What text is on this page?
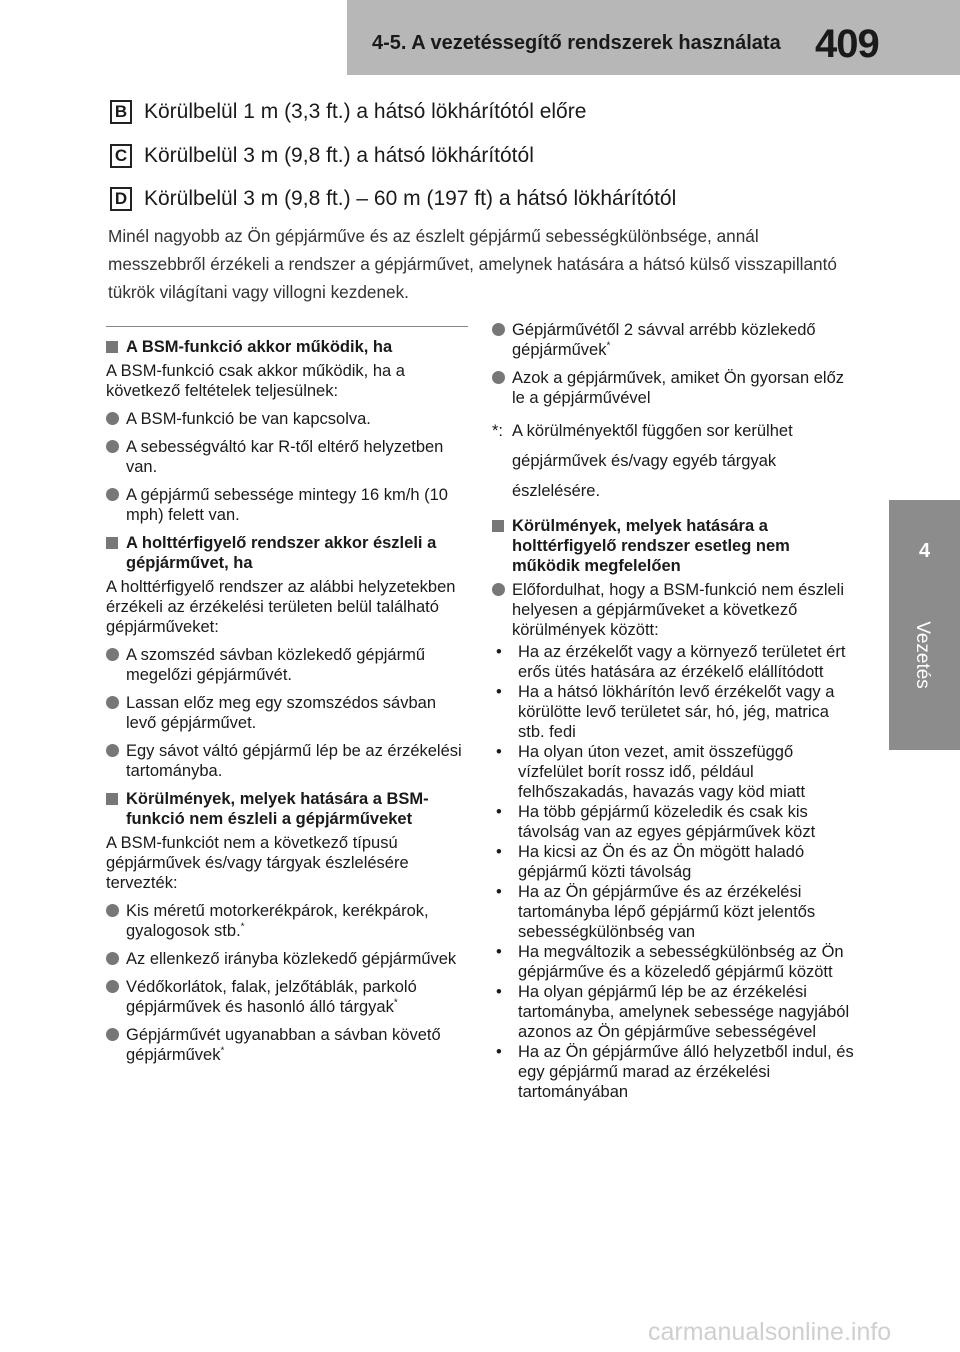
4-5. A vezetéssegítő rendszerek használata 409
4
Vezetés
B Körülbelül 1 m (3,3 ft.) a hátsó lökhárítótól előre
C Körülbelül 3 m (9,8 ft.) a hátsó lökhárítótól
D Körülbelül 3 m (9,8 ft.) – 60 m (197 ft) a hátsó lökhárítótól
Minél nagyobb az Ön gépjárműve és az észlelt gépjármű sebességkülönbsége, annál messzebbről érzékeli a rendszer a gépjárművet, amelynek hatására a hátsó külső visszapillantó tükrök világítani vagy villogni kezdenek.
A BSM-funkció akkor működik, ha

A BSM-funkció csak akkor működik, ha a következő feltételek teljesülnek:

A BSM-funkció be van kapcsolva.
A sebességváltó kar R-től eltérő helyzetben van.
A gépjármű sebessége mintegy 16 km/h (10 mph) felett van.
A holttérfigyelő rendszer akkor észleli a gépjárművet, ha

A holttérfigyelő rendszer az alábbi helyzetekben érzékeli az érzékelési területen belül található gépjárműveket:

A szomszéd sávban közlekedő gépjármű megelőzi gépjárművét.
Lassan előz meg egy szomszédos sávban levő gépjárművet.
Egy sávot váltó gépjármű lép be az érzékelési tartományba.
Körülmények, melyek hatására a BSM-funkció nem észleli a gépjárműveket

A BSM-funkciót nem a következő típusú gépjárművek és/vagy tárgyak észlelésére tervezték:

Kis méretű motorkerékpárok, kerékpárok, gyalogosok stb.*
Az ellenkező irányba közlekedő gépjárművek
Védőkorlátok, falak, jelzőtáblák, parkoló gépjárművek és hasonló álló tárgyak*
Gépjárművét ugyanabban a sávban követő gépjárművek*
Gépjárművétől 2 sávval arrébb közlekedő gépjárművek*
Azok a gépjárművek, amiket Ön gyorsan előz le a gépjárművével
*: A körülményektől függően sor kerülhet gépjárművek és/vagy egyéb tárgyak észlelésére.
Körülmények, melyek hatására a holttérfigyelő rendszer esetleg nem működik megfelelően
Előfordulhat, hogy a BSM-funkció nem észleli helyesen a gépjárműveket a következő körülmények között:
• Ha az érzékelőt vagy a környező területet ért erős ütés hatására az érzékelő elállítódott
• Ha a hátsó lökhárítón levő érzékelőt vagy a körülötte levő területet sár, hó, jég, matrica stb. fedi
• Ha olyan úton vezet, amit összefüggő vízfelület borít rossz idő, például felhőszakadás, havazás vagy köd miatt
• Ha több gépjármű közeledik és csak kis távolság van az egyes gépjárművek közt
• Ha kicsi az Ön és az Ön mögött haladó gépjármű közti távolság
• Ha az Ön gépjárműve és az érzékelési tartományba lépő gépjármű közt jelentős sebességkülönbség van
• Ha megváltozik a sebességkülönbség az Ön gépjárműve és a közeledő gépjármű között
• Ha olyan gépjármű lép be az érzékelési tartományba, amelynek sebessége nagyjából azonos az Ön gépjárműve sebességével
• Ha az Ön gépjárműve álló helyzetből indul, és egy gépjármű marad az érzékelési tartományában
carmanualsonline.info
